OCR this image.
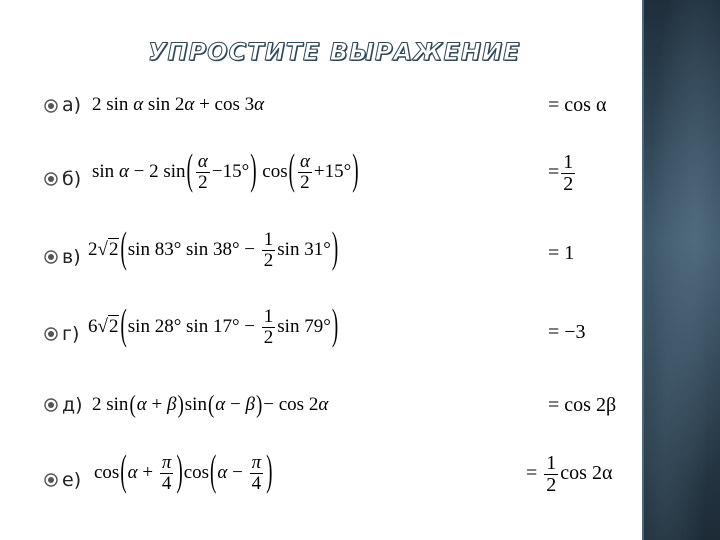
УПРОСТИТЕ ВЫРАЖЕНИЕ
а) 2 sin α sin 2α + cos 3α	= cos α
б) sin α − 2 $\sin( \frac{\alpha}{2} -15^\circ)$ $\cos( \frac{\alpha}{2} +15^\circ)$	= $\frac{1}{2}$
в) 2√2 (sin 83° $\sin 38^\circ - \frac{1}{2}$ sin 31°)	= 1
г) 6√2 (sin 28° $\sin 17^\circ - \frac{1}{2}$ sin 79°)	= −3
д) 2 sin(α + β)sin(α − β)− cos 2α	= cos 2β
е) $\cos(\alpha + \frac{\pi}{4} )\cos(\alpha - \frac{\pi}{4}$ )	= $\frac{1}{2}$ cos 2α
